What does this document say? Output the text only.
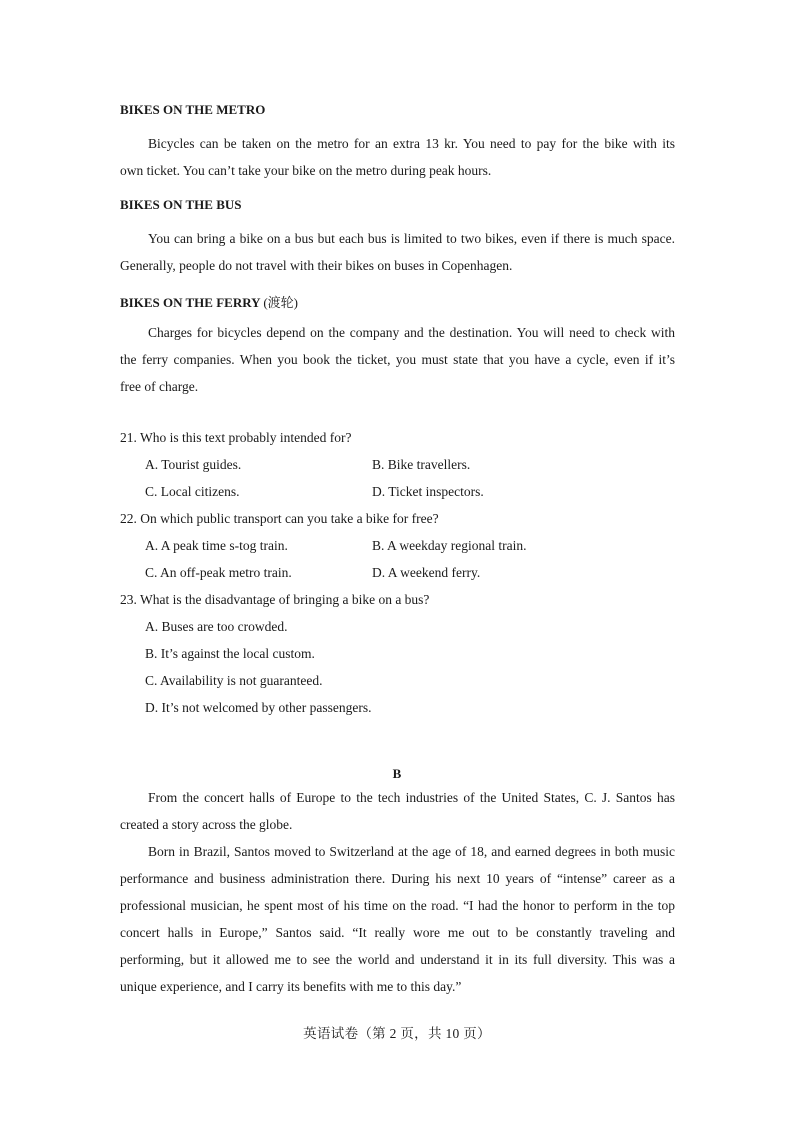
BIKES ON THE METRO
Bicycles can be taken on the metro for an extra 13 kr. You need to pay for the bike with its
own ticket. You can’t take your bike on the metro during peak hours.
BIKES ON THE BUS
You can bring a bike on a bus but each bus is limited to two bikes, even if there is much space.
Generally, people do not travel with their bikes on buses in Copenhagen.
BIKES ON THE FERRY (渡轮)
Charges for bicycles depend on the company and the destination. You will need to check with
the ferry companies. When you book the ticket, you must state that you have a cycle, even if it’s
free of charge.
21. Who is this text probably intended for?
A. Tourist guides.	B. Bike travellers.
C. Local citizens.	D. Ticket inspectors.
22. On which public transport can you take a bike for free?
A. A peak time s-tog train.	B. A weekday regional train.
C. An off-peak metro train.	D. A weekend ferry.
23. What is the disadvantage of bringing a bike on a bus?
A. Buses are too crowded.
B. It’s against the local custom.
C. Availability is not guaranteed.
D. It’s not welcomed by other passengers.
B
From the concert halls of Europe to the tech industries of the United States, C. J. Santos has
created a story across the globe.
Born in Brazil, Santos moved to Switzerland at the age of 18, and earned degrees in both music
performance and business administration there. During his next 10 years of “intense” career as a
professional musician, he spent most of his time on the road. “I had the honor to perform in the top
concert halls in Europe,” Santos said. “It really wore me out to be constantly traveling and
performing, but it allowed me to see the world and understand it in its full diversity. This was a
unique experience, and I carry its benefits with me to this day.”
英语试卷（第 2 页，共 10 页）
